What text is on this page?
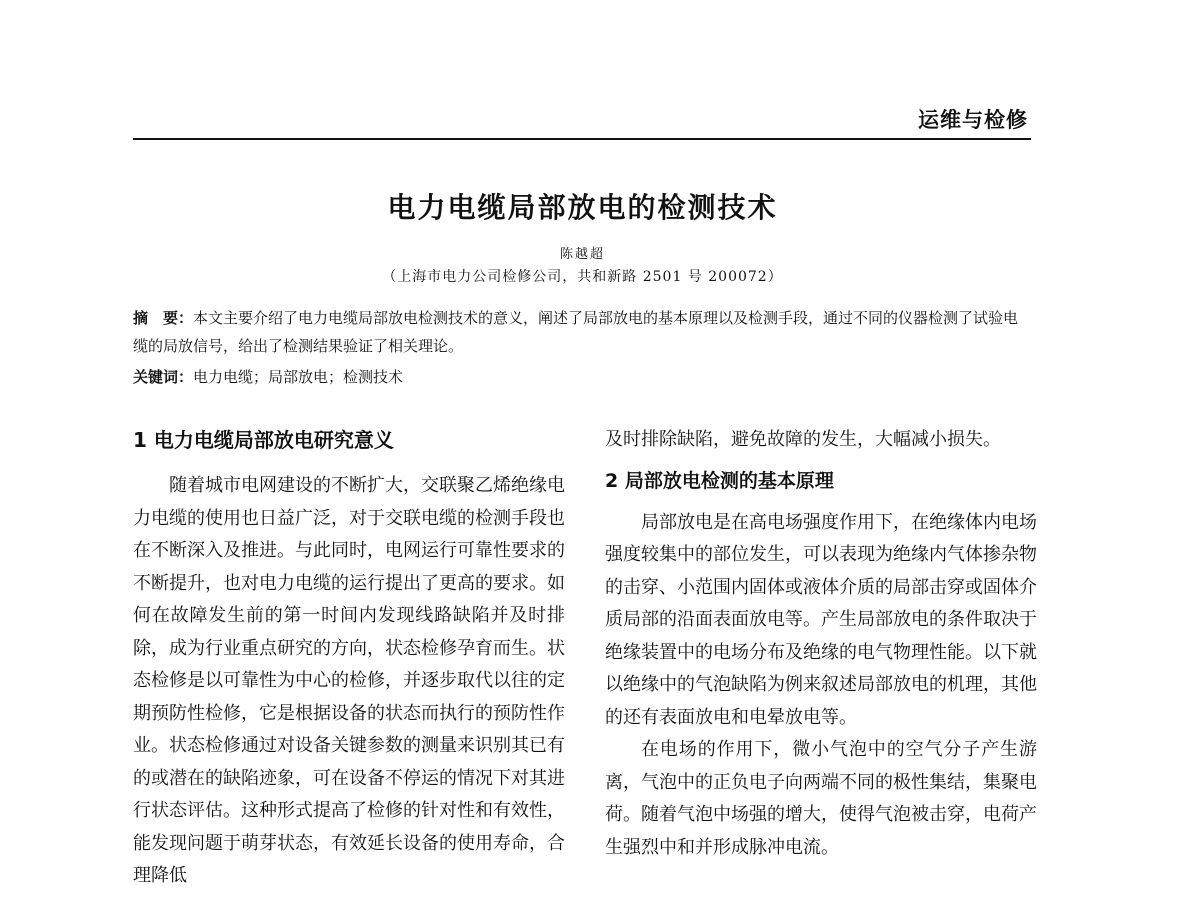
运维与检修
电力电缆局部放电的检测技术
陈越超
（上海市电力公司检修公司，共和新路 2501 号 200072）
摘　要：本文主要介绍了电力电缆局部放电检测技术的意义，阐述了局部放电的基本原理以及检测手段，通过不同的仪器检测了试验电缆的局放信号，给出了检测结果验证了相关理论。
关键词：电力电缆；局部放电；检测技术
1 电力电缆局部放电研究意义

随着城市电网建设的不断扩大，交联聚乙烯绝缘电力电缆的使用也日益广泛，对于交联电缆的检测手段也在不断深入及推进。与此同时，电网运行可靠性要求的不断提升，也对电力电缆的运行提出了更高的要求。如何在故障发生前的第一时间内发现线路缺陷并及时排除，成为行业重点研究的方向，状态检修孕育而生。状态检修是以可靠性为中心的检修，并逐步取代以往的定期预防性检修，它是根据设备的状态而执行的预防性作业。状态检修通过对设备关键参数的测量来识别其已有的或潜在的缺陷迹象，可在设备不停运的情况下对其进行状态评估。这种形式提高了检修的针对性和有效性，能发现问题于萌芽状态，有效延长设备的使用寿命，合理降低

及时排除缺陷，避免故障的发生，大幅减小损失。

2 局部放电检测的基本原理

局部放电是在高电场强度作用下，在绝缘体内电场强度较集中的部位发生，可以表现为绝缘内气体掺杂物的击穿、小范围内固体或液体介质的局部击穿或固体介质局部的沿面表面放电等。产生局部放电的条件取决于绝缘装置中的电场分布及绝缘的电气物理性能。以下就以绝缘中的气泡缺陷为例来叙述局部放电的机理，其他的还有表面放电和电晕放电等。

在电场的作用下，微小气泡中的空气分子产生游离，气泡中的正负电子向两端不同的极性集结，集聚电荷。随着气泡中场强的增大，使得气泡被击穿，电荷产生强烈中和并形成脉冲电流。
